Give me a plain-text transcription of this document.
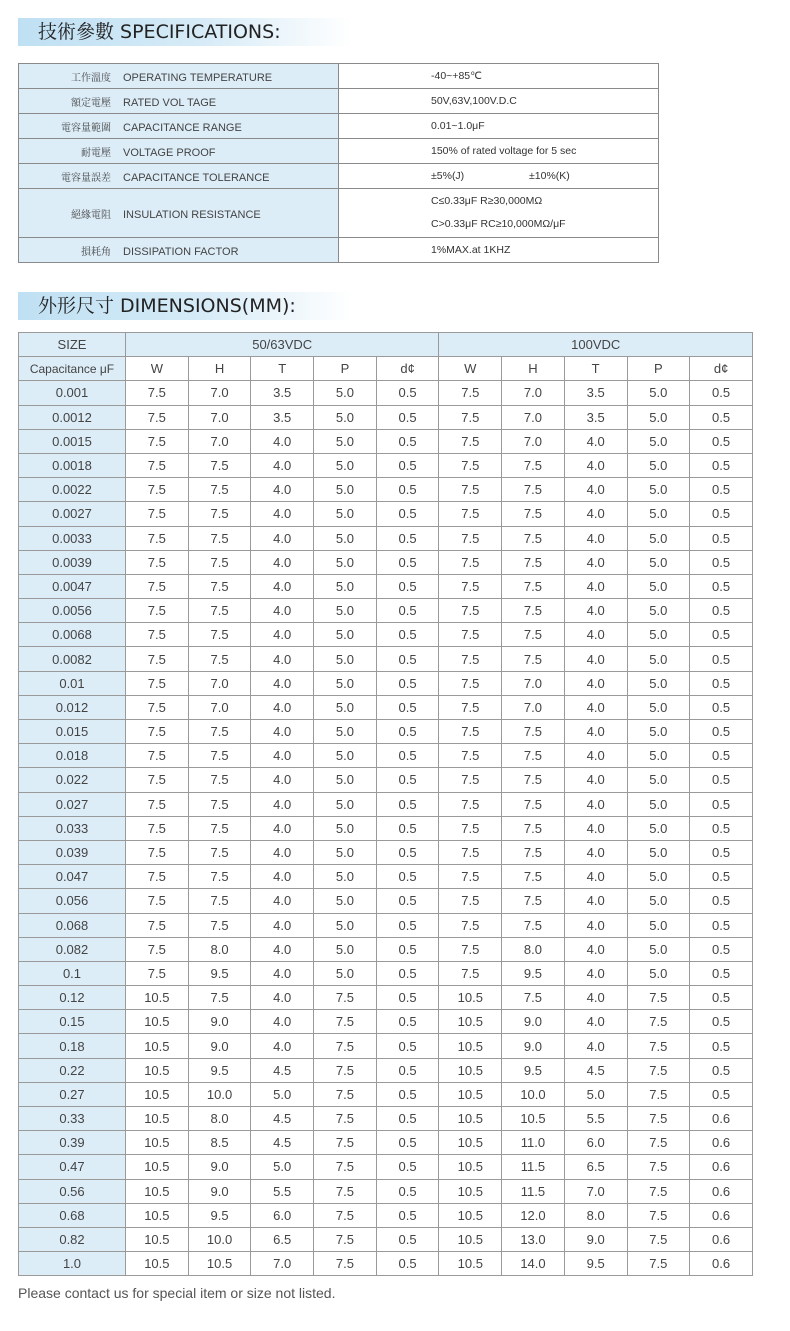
技術參數 SPECIFICATIONS:
工作溫度 OPERATING TEMPERATURE	-40~+85℃
額定電壓 RATED VOL TAGE	50V,63V,100V.D.C
電容量範圍 CAPACITANCE RANGE	0.01~1.0μF
耐電壓 VOLTAGE PROOF	150% of rated voltage for 5 sec
電容量誤差 CAPACITANCE TOLERANCE	±5%(J) ±10%(K)
絕緣電阻 INSULATION RESISTANCE	C≤0.33μF R≥30,000MΩ
C>0.33μF RC≥10,000MΩ/μF

損耗角 DISSIPATION FACTOR	1%MAX.at 1KHZ
外形尺寸 DIMENSIONS(MM):
SIZE	50/63VDC					100VDC				
Capacitance μF	W	H	T	P	d¢	W	H	T	P	d¢
0.001	7.5	7.0	3.5	5.0	0.5	7.5	7.0	3.5	5.0	0.5
0.0012	7.5	7.0	3.5	5.0	0.5	7.5	7.0	3.5	5.0	0.5
0.0015	7.5	7.0	4.0	5.0	0.5	7.5	7.0	4.0	5.0	0.5
0.0018	7.5	7.5	4.0	5.0	0.5	7.5	7.5	4.0	5.0	0.5
0.0022	7.5	7.5	4.0	5.0	0.5	7.5	7.5	4.0	5.0	0.5
0.0027	7.5	7.5	4.0	5.0	0.5	7.5	7.5	4.0	5.0	0.5
0.0033	7.5	7.5	4.0	5.0	0.5	7.5	7.5	4.0	5.0	0.5
0.0039	7.5	7.5	4.0	5.0	0.5	7.5	7.5	4.0	5.0	0.5
0.0047	7.5	7.5	4.0	5.0	0.5	7.5	7.5	4.0	5.0	0.5
0.0056	7.5	7.5	4.0	5.0	0.5	7.5	7.5	4.0	5.0	0.5
0.0068	7.5	7.5	4.0	5.0	0.5	7.5	7.5	4.0	5.0	0.5
0.0082	7.5	7.5	4.0	5.0	0.5	7.5	7.5	4.0	5.0	0.5
0.01	7.5	7.0	4.0	5.0	0.5	7.5	7.0	4.0	5.0	0.5
0.012	7.5	7.0	4.0	5.0	0.5	7.5	7.0	4.0	5.0	0.5
0.015	7.5	7.5	4.0	5.0	0.5	7.5	7.5	4.0	5.0	0.5
0.018	7.5	7.5	4.0	5.0	0.5	7.5	7.5	4.0	5.0	0.5
0.022	7.5	7.5	4.0	5.0	0.5	7.5	7.5	4.0	5.0	0.5
0.027	7.5	7.5	4.0	5.0	0.5	7.5	7.5	4.0	5.0	0.5
0.033	7.5	7.5	4.0	5.0	0.5	7.5	7.5	4.0	5.0	0.5
0.039	7.5	7.5	4.0	5.0	0.5	7.5	7.5	4.0	5.0	0.5
0.047	7.5	7.5	4.0	5.0	0.5	7.5	7.5	4.0	5.0	0.5
0.056	7.5	7.5	4.0	5.0	0.5	7.5	7.5	4.0	5.0	0.5
0.068	7.5	7.5	4.0	5.0	0.5	7.5	7.5	4.0	5.0	0.5
0.082	7.5	8.0	4.0	5.0	0.5	7.5	8.0	4.0	5.0	0.5
0.1	7.5	9.5	4.0	5.0	0.5	7.5	9.5	4.0	5.0	0.5
0.12	10.5	7.5	4.0	7.5	0.5	10.5	7.5	4.0	7.5	0.5
0.15	10.5	9.0	4.0	7.5	0.5	10.5	9.0	4.0	7.5	0.5
0.18	10.5	9.0	4.0	7.5	0.5	10.5	9.0	4.0	7.5	0.5
0.22	10.5	9.5	4.5	7.5	0.5	10.5	9.5	4.5	7.5	0.5
0.27	10.5	10.0	5.0	7.5	0.5	10.5	10.0	5.0	7.5	0.5
0.33	10.5	8.0	4.5	7.5	0.5	10.5	10.5	5.5	7.5	0.6
0.39	10.5	8.5	4.5	7.5	0.5	10.5	11.0	6.0	7.5	0.6
0.47	10.5	9.0	5.0	7.5	0.5	10.5	11.5	6.5	7.5	0.6
0.56	10.5	9.0	5.5	7.5	0.5	10.5	11.5	7.0	7.5	0.6
0.68	10.5	9.5	6.0	7.5	0.5	10.5	12.0	8.0	7.5	0.6
0.82	10.5	10.0	6.5	7.5	0.5	10.5	13.0	9.0	7.5	0.6
1.0	10.5	10.5	7.0	7.5	0.5	10.5	14.0	9.5	7.5	0.6
Please contact us for special item or size not listed.
